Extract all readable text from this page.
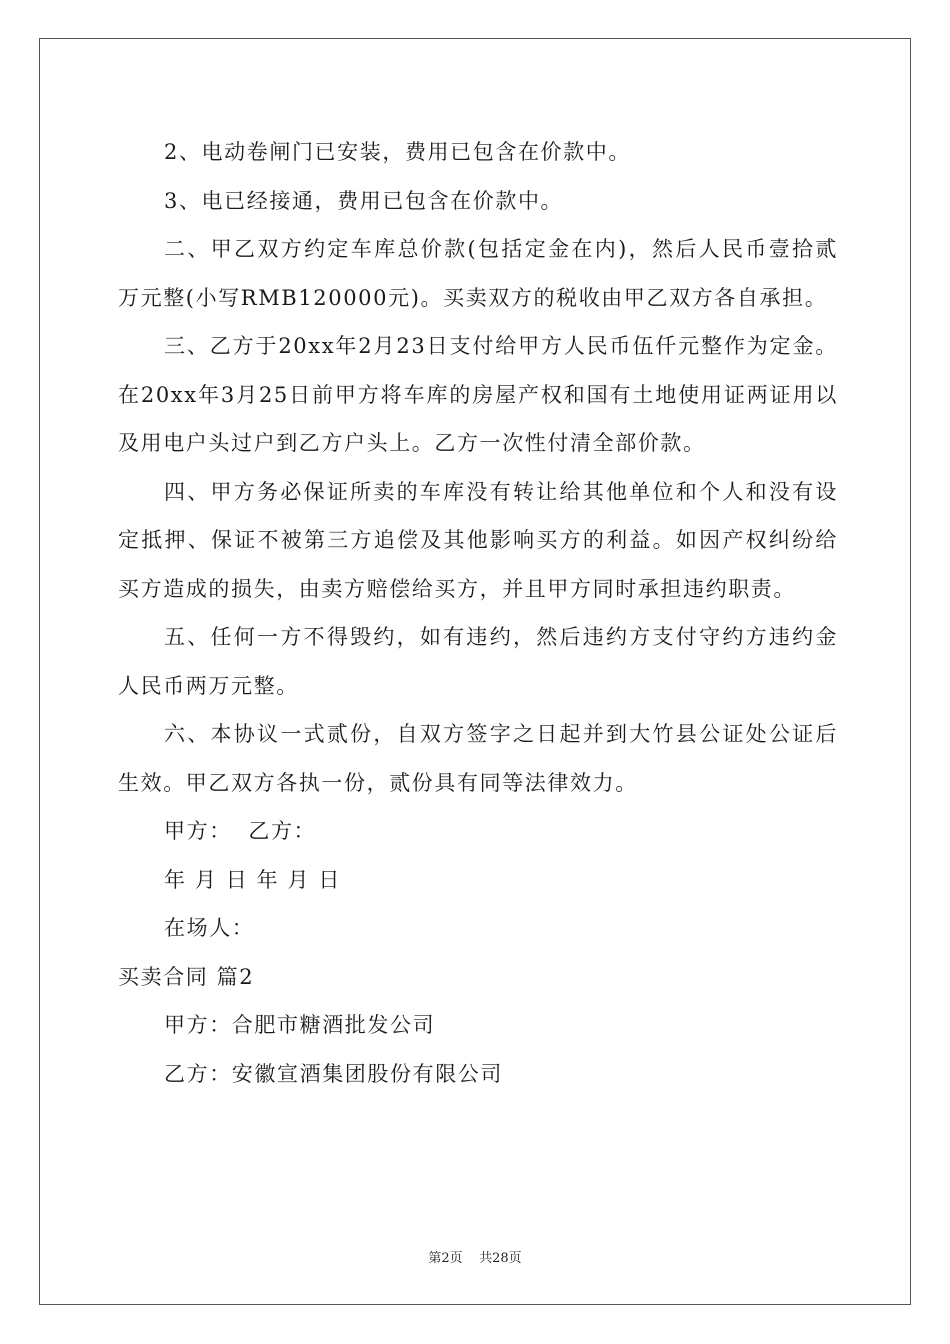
2、电动卷闸门已安装，费用已包含在价款中。

3、电已经接通，费用已包含在价款中。

二、甲乙双方约定车库总价款(包括定金在内)，然后人民币壹拾贰万元整(小写RMB120000元)。买卖双方的税收由甲乙双方各自承担。

三、乙方于20xx年2月23日支付给甲方人民币伍仟元整作为定金。在20xx年3月25日前甲方将车库的房屋产权和国有土地使用证两证用以及用电户头过户到乙方户头上。乙方一次性付清全部价款。

四、甲方务必保证所卖的车库没有转让给其他单位和个人和没有设定抵押、保证不被第三方追偿及其他影响买方的利益。如因产权纠纷给买方造成的损失，由卖方赔偿给买方，并且甲方同时承担违约职责。

五、任何一方不得毁约，如有违约，然后违约方支付守约方违约金人民币两万元整。

六、本协议一式贰份，自双方签字之日起并到大竹县公证处公证后生效。甲乙双方各执一份，贰份具有同等法律效力。

甲方：  乙方：

年 月 日 年 月 日

在场人：

买卖合同 篇2

甲方：合肥市糖酒批发公司

乙方：安徽宣酒集团股份有限公司

第2页 共28页
